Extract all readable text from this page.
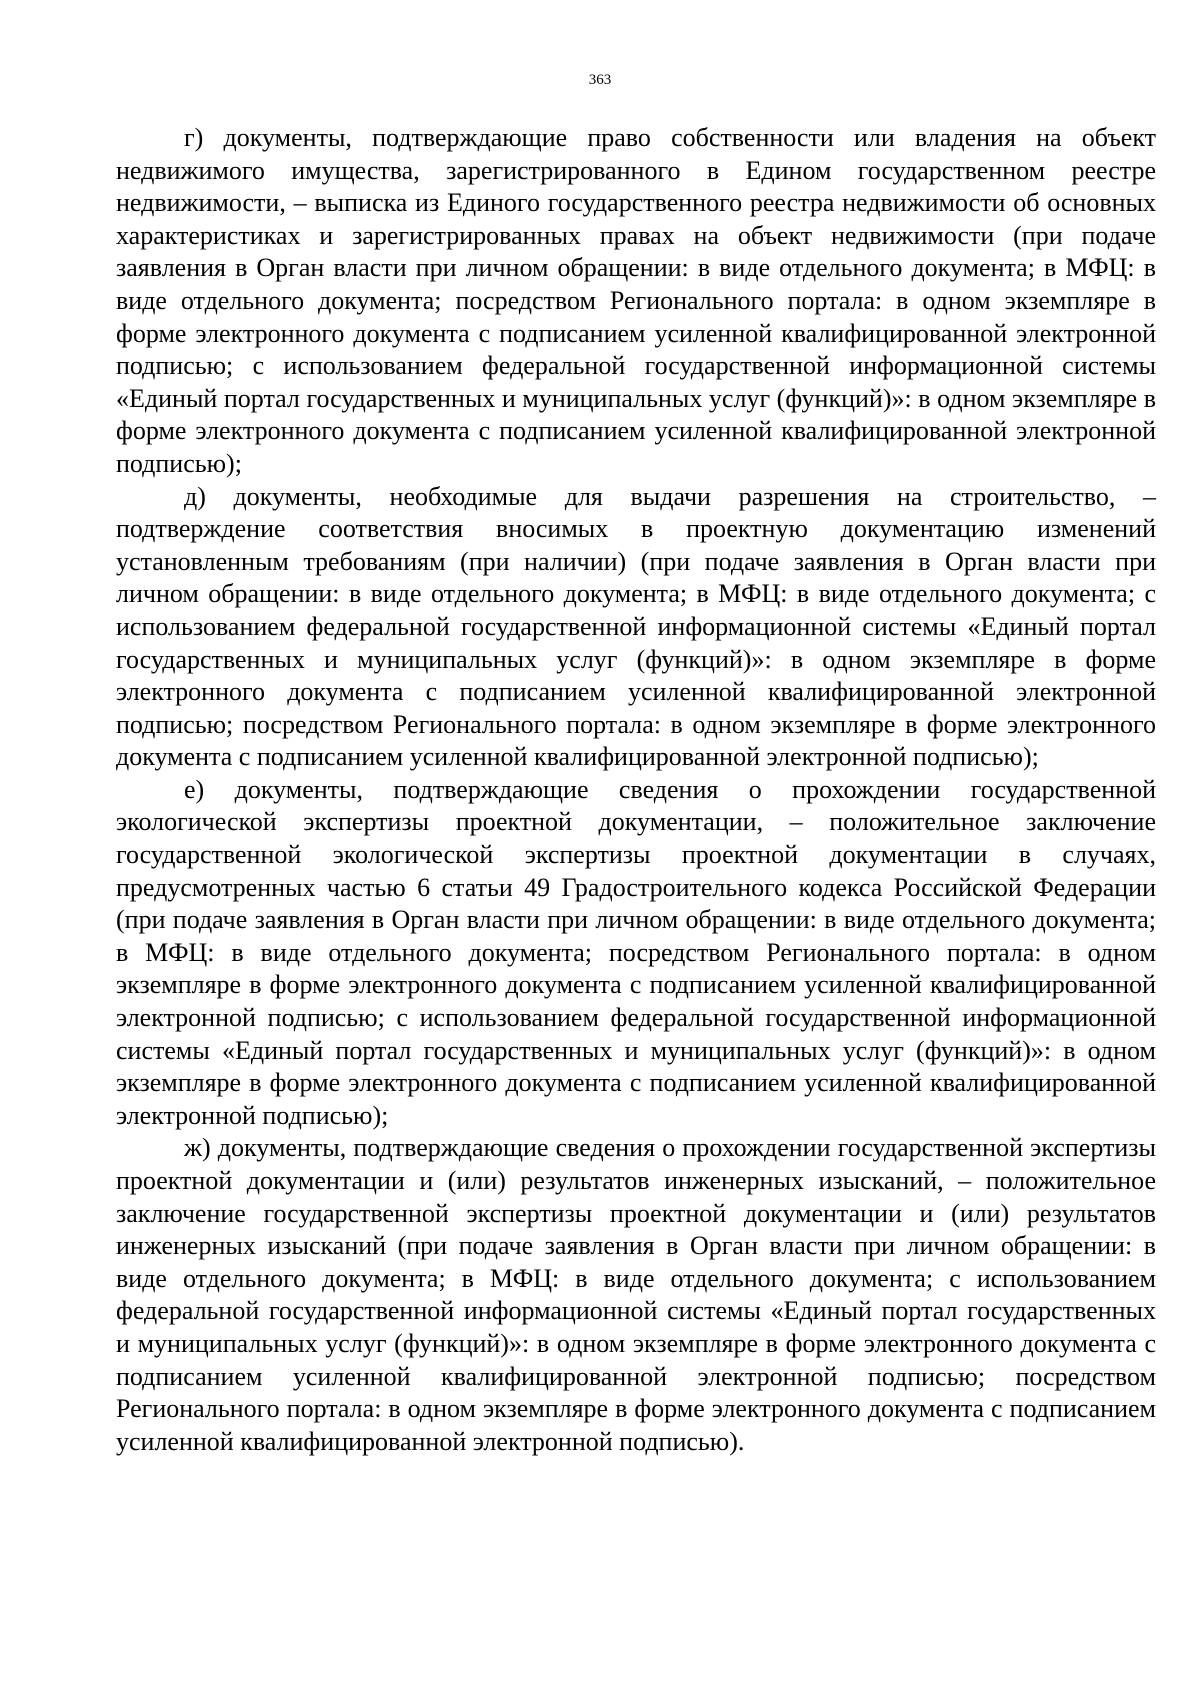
363

г) документы, подтверждающие право собственности или владения на объект недвижимого имущества, зарегистрированного в Едином государственном реестре недвижимости, – выписка из Единого государственного реестра недвижимости об основных характеристиках и зарегистрированных правах на объект недвижимости (при подаче заявления в Орган власти при личном обращении: в виде отдельного документа; в МФЦ: в виде отдельного документа; посредством Регионального портала: в одном экземпляре в форме электронного документа с подписанием усиленной квалифицированной электронной подписью; с использованием федеральной государственной информационной системы «Единый портал государственных и муниципальных услуг (функций)»: в одном экземпляре в форме электронного документа с подписанием усиленной квалифицированной электронной подписью);

д) документы, необходимые для выдачи разрешения на строительство, – подтверждение соответствия вносимых в проектную документацию изменений установленным требованиям (при наличии) (при подаче заявления в Орган власти при личном обращении: в виде отдельного документа; в МФЦ: в виде отдельного документа; с использованием федеральной государственной информационной системы «Единый портал государственных и муниципальных услуг (функций)»: в одном экземпляре в форме электронного документа с подписанием усиленной квалифицированной электронной подписью; посредством Регионального портала: в одном экземпляре в форме электронного документа с подписанием усиленной квалифицированной электронной подписью);

е) документы, подтверждающие сведения о прохождении государственной экологической экспертизы проектной документации, – положительное заключение государственной экологической экспертизы проектной документации в случаях, предусмотренных частью 6 статьи 49 Градостроительного кодекса Российской Федерации (при подаче заявления в Орган власти при личном обращении: в виде отдельного документа; в МФЦ: в виде отдельного документа; посредством Регионального портала: в одном экземпляре в форме электронного документа с подписанием усиленной квалифицированной электронной подписью; с использованием федеральной государственной информационной системы «Единый портал государственных и муниципальных услуг (функций)»: в одном экземпляре в форме электронного документа с подписанием усиленной квалифицированной электронной подписью);

ж) документы, подтверждающие сведения о прохождении государственной экспертизы проектной документации и (или) результатов инженерных изысканий, – положительное заключение государственной экспертизы проектной документации и (или) результатов инженерных изысканий (при подаче заявления в Орган власти при личном обращении: в виде отдельного документа; в МФЦ: в виде отдельного документа; с использованием федеральной государственной информационной системы «Единый портал государственных и муниципальных услуг (функций)»: в одном экземпляре в форме электронного документа с подписанием усиленной квалифицированной электронной подписью; посредством Регионального портала: в одном экземпляре в форме электронного документа с подписанием усиленной квалифицированной электронной подписью).
